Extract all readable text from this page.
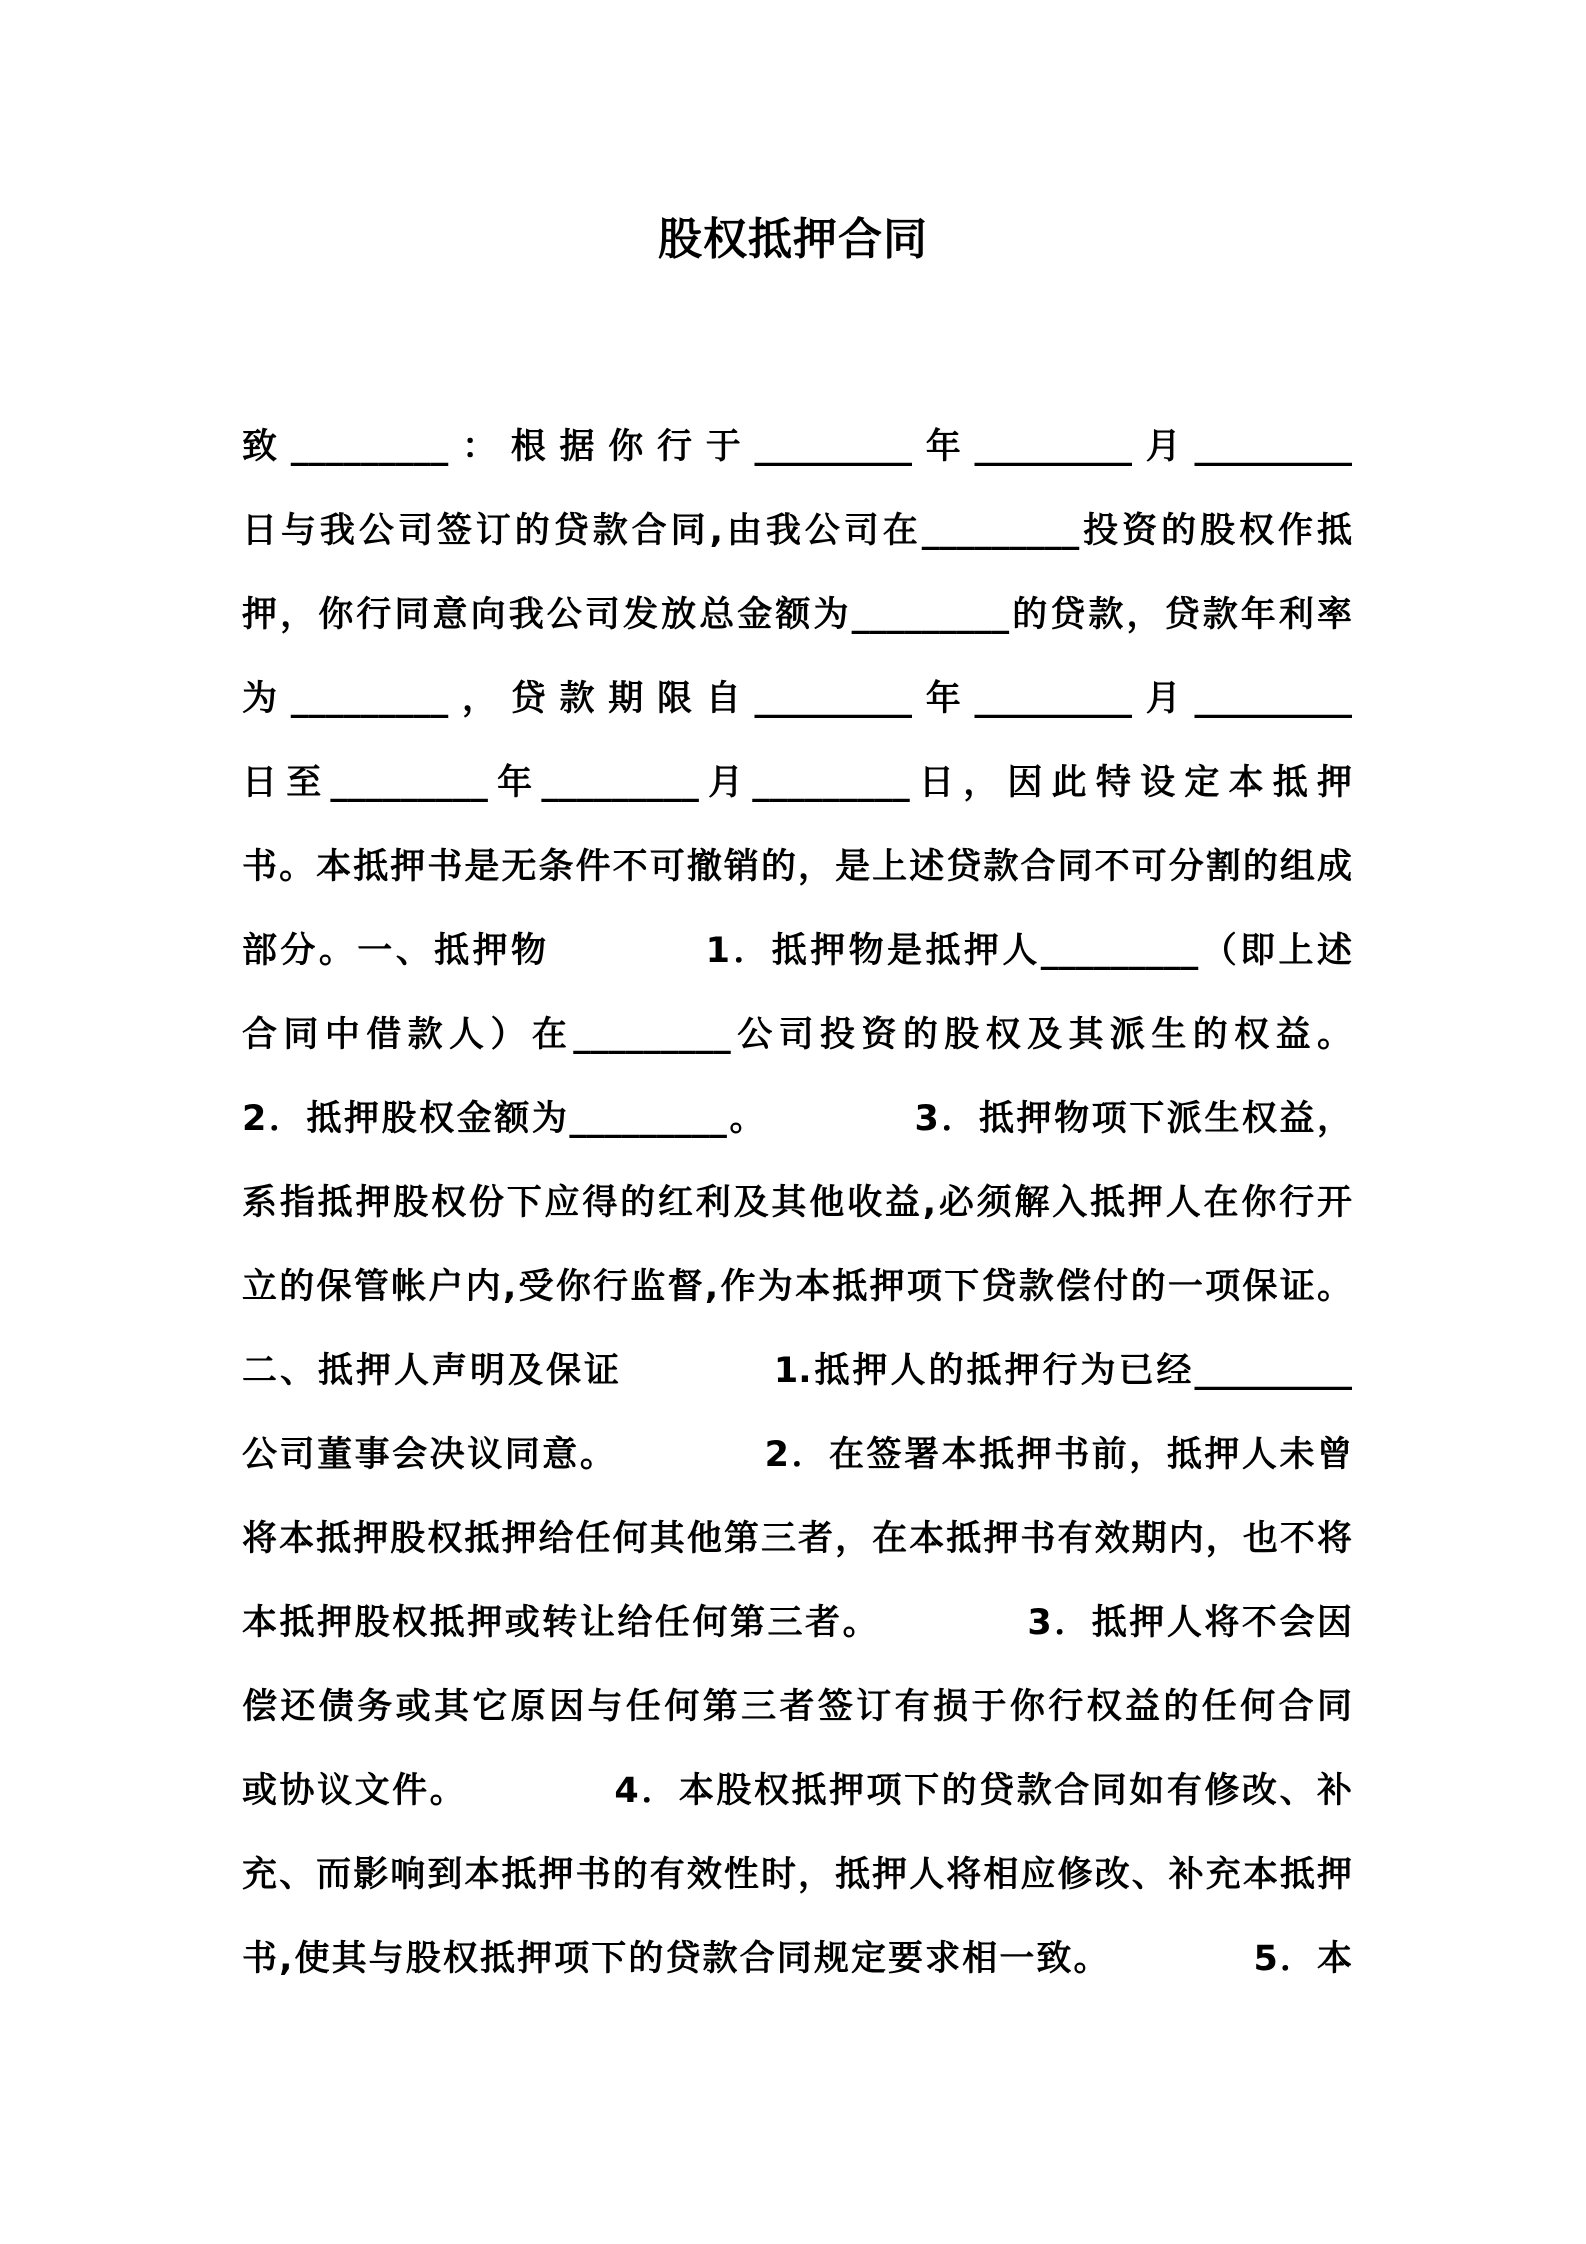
股权抵押合同
致_________：根据你行于_________年_________月_________
日与我公司签订的贷款合同,由我公司在_________投资的股权作抵
押，你行同意向我公司发放总金额为_________的贷款，贷款年利率
为_________，贷款期限自_________年_________月_________
日至_________年_________月_________日，因此特设定本抵押
书。本抵押书是无条件不可撤销的，是上述贷款合同不可分割的组成
部分。一、抵押物          1．抵押物是抵押人_________（即上述
合同中借款人）在_________公司投资的股权及其派生的权益。
2．抵押股权金额为_________。          3．抵押物项下派生权益，
系指抵押股权份下应得的红利及其他收益,必须解入抵押人在你行开
立的保管帐户内,受你行监督,作为本抵押项下贷款偿付的一项保证。
二、抵押人声明及保证          1.抵押人的抵押行为已经_________
公司董事会决议同意。          2．在签署本抵押书前，抵押人未曾
将本抵押股权抵押给任何其他第三者，在本抵押书有效期内，也不将
本抵押股权抵押或转让给任何第三者。          3．抵押人将不会因
偿还债务或其它原因与任何第三者签订有损于你行权益的任何合同
或协议文件。          4．本股权抵押项下的贷款合同如有修改、补
充、而影响到本抵押书的有效性时，抵押人将相应修改、补充本抵押
书,使其与股权抵押项下的贷款合同规定要求相一致。          5．本
